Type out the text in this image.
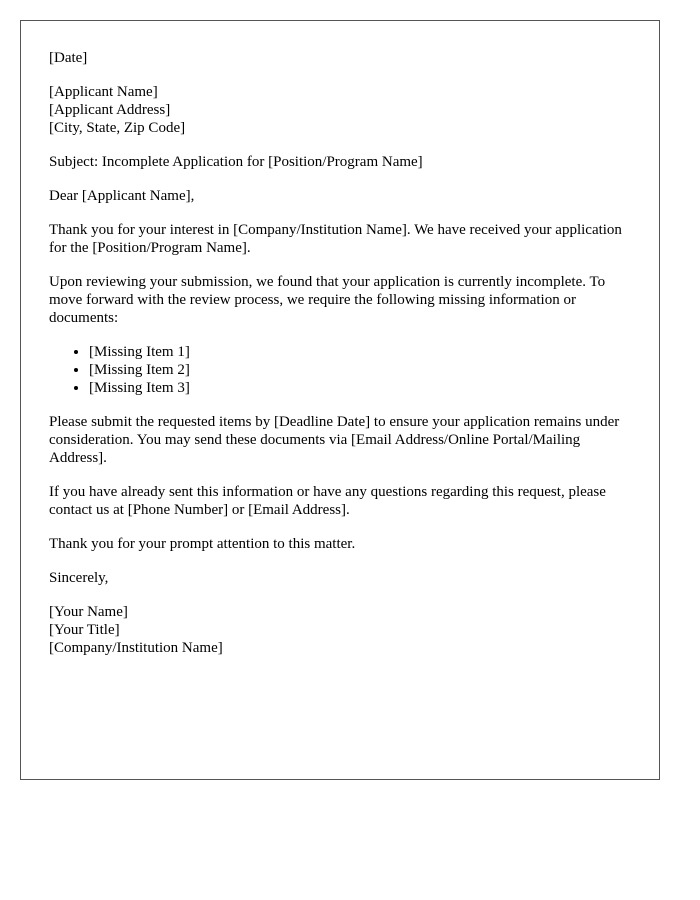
[Date]

[Applicant Name]
[Applicant Address]
[City, State, Zip Code]

Subject: Incomplete Application for [Position/Program Name]

Dear [Applicant Name],

Thank you for your interest in [Company/Institution Name]. We have received your application for the [Position/Program Name].

Upon reviewing your submission, we found that your application is currently incomplete. To move forward with the review process, we require the following missing information or documents:

• [Missing Item 1]
• [Missing Item 2]
• [Missing Item 3]

Please submit the requested items by [Deadline Date] to ensure your application remains under consideration. You may send these documents via [Email Address/Online Portal/Mailing Address].

If you have already sent this information or have any questions regarding this request, please contact us at [Phone Number] or [Email Address].

Thank you for your prompt attention to this matter.

Sincerely,

[Your Name]
[Your Title]
[Company/Institution Name]
